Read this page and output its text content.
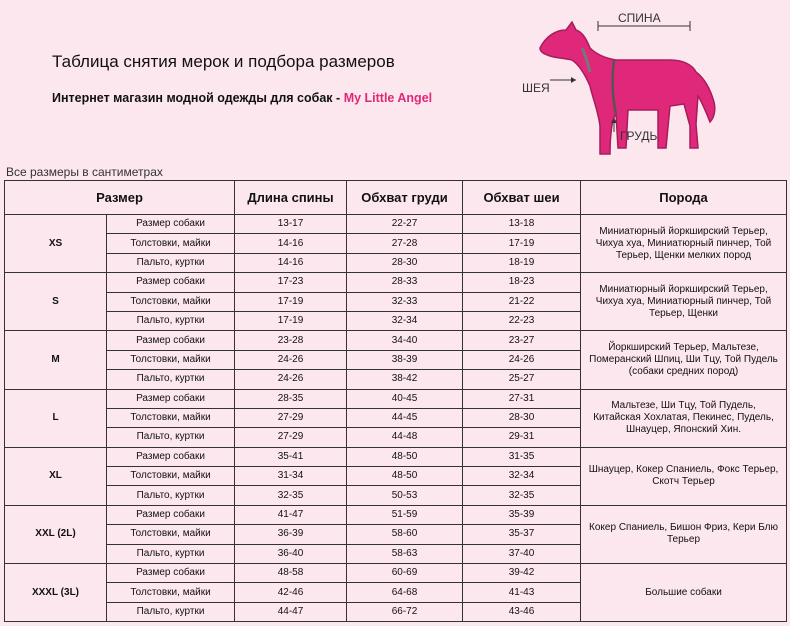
Таблица снятия мерок и подбора размеров
Интернет магазин модной одежды для собак - My Little Angel
СПИНА
ШЕЯ
ГРУДЬ
Все размеры в сантиметрах
Размер		Длина спины	Обхват груди	Обхват шеи	Порода
XS	Размер собаки	13-17	22-27	13-18	Миниатюрный йоркширский Терьер, Чихуа хуа, Миниатюрный пинчер, Той Терьер, Щенки мелких пород
	Толстовки, майки	14-16	27-28	17-19	
	Пальто, куртки	14-16	28-30	18-19	
S	Размер собаки	17-23	28-33	18-23	Миниатюрный йоркширский Терьер, Чихуа хуа, Миниатюрный пинчер, Той Терьер, Щенки
	Толстовки, майки	17-19	32-33	21-22	
	Пальто, куртки	17-19	32-34	22-23	
M	Размер собаки	23-28	34-40	23-27	Йоркширский Терьер, Мальтезе, Померанский Шпиц, Ши Тцу, Той Пудель (собаки средних пород)
	Толстовки, майки	24-26	38-39	24-26	
	Пальто, куртки	24-26	38-42	25-27	
L	Размер собаки	28-35	40-45	27-31	Мальтезе, Ши Тцу, Той Пудель, Китайская Хохлатая, Пекинес, Пудель, Шнауцер, Японский Хин.
	Толстовки, майки	27-29	44-45	28-30	
	Пальто, куртки	27-29	44-48	29-31	
XL	Размер собаки	35-41	48-50	31-35	Шнауцер, Кокер Спаниель, Фокс Терьер, Скотч Терьер
	Толстовки, майки	31-34	48-50	32-34	
	Пальто, куртки	32-35	50-53	32-35	
XXL (2L)	Размер собаки	41-47	51-59	35-39	Кокер Спаниель, Бишон Фриз, Кери Блю Терьер
	Толстовки, майки	36-39	58-60	35-37	
	Пальто, куртки	36-40	58-63	37-40	
XXXL (3L)	Размер собаки	48-58	60-69	39-42	Большие собаки
	Толстовки, майки	42-46	64-68	41-43	
	Пальто, куртки	44-47	66-72	43-46	
